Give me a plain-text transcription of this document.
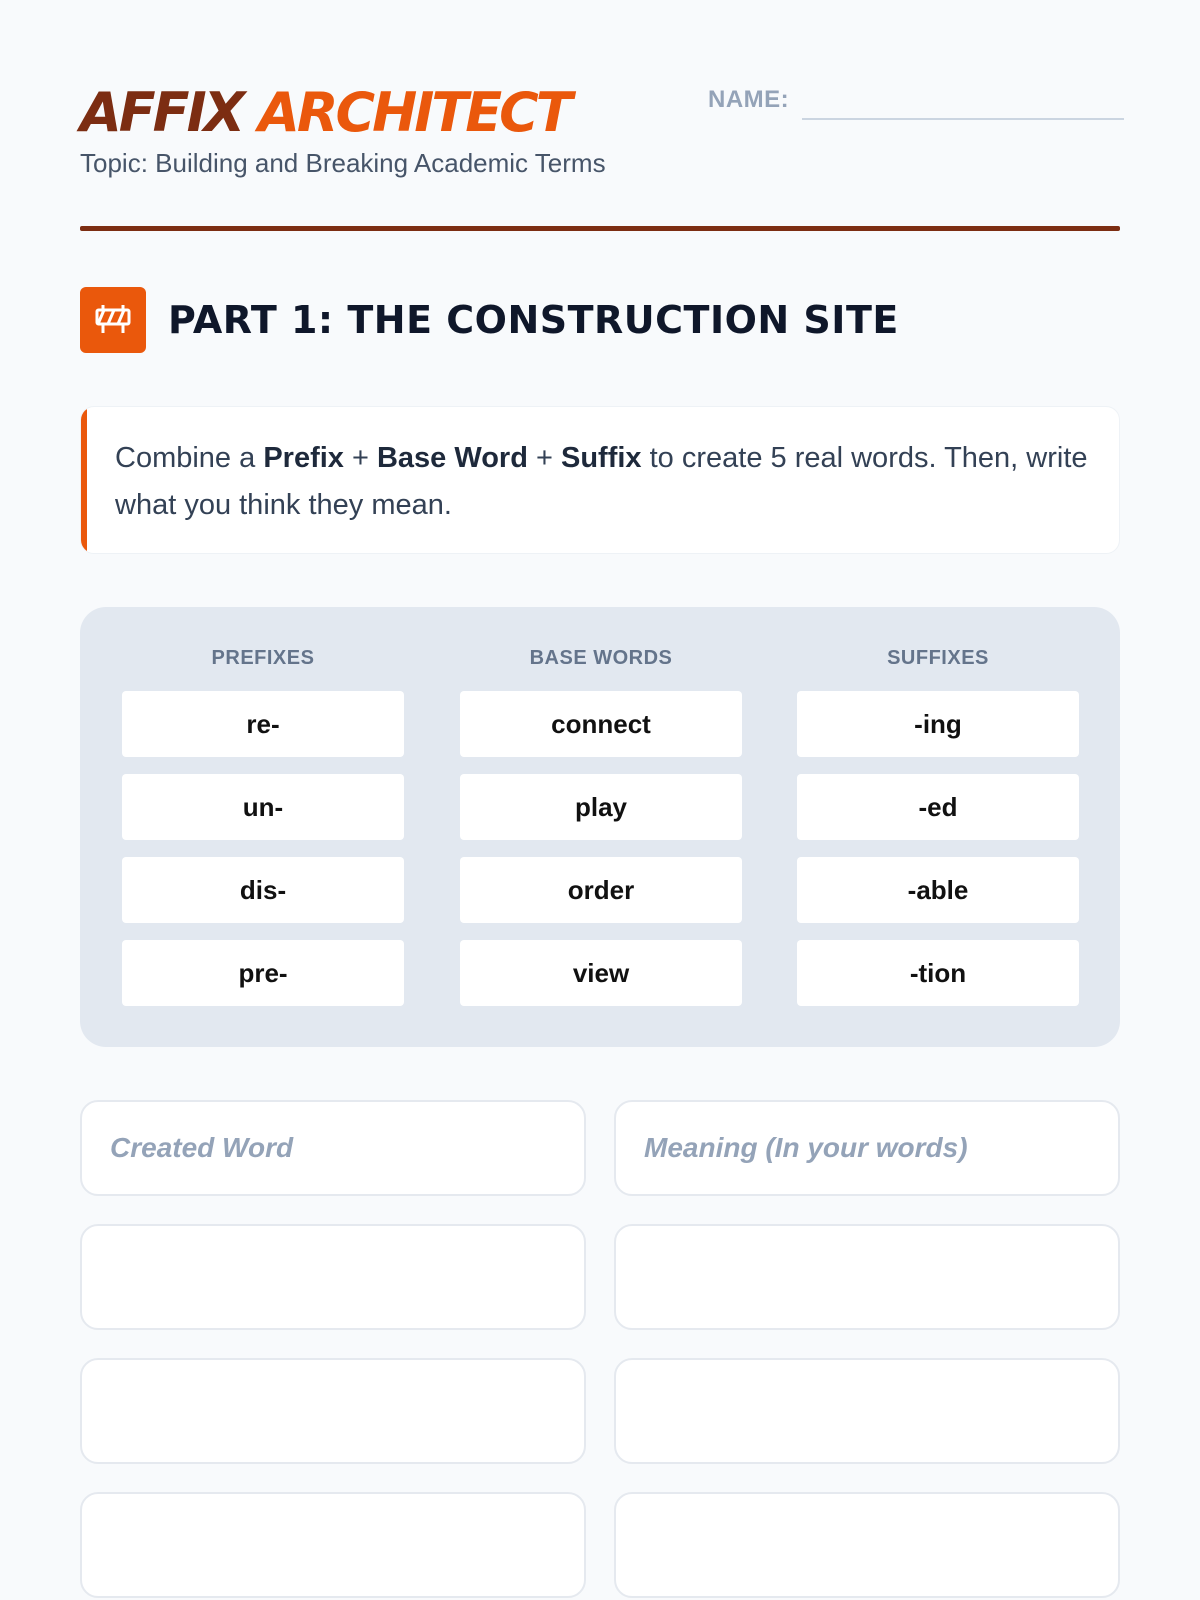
AFFIX ARCHITECT
Topic: Building and Breaking Academic Terms
NAME:
PART 1: THE CONSTRUCTION SITE

Combine a Prefix + Base Word + Suffix to create 5 real words. Then, write what you think they mean.

PREFIXES
re-
un-
dis-
pre-
BASE WORDS
connect
play
order
view
SUFFIXES
-ing
-ed
-able
-tion
Created Word
Meaning (In your words)
